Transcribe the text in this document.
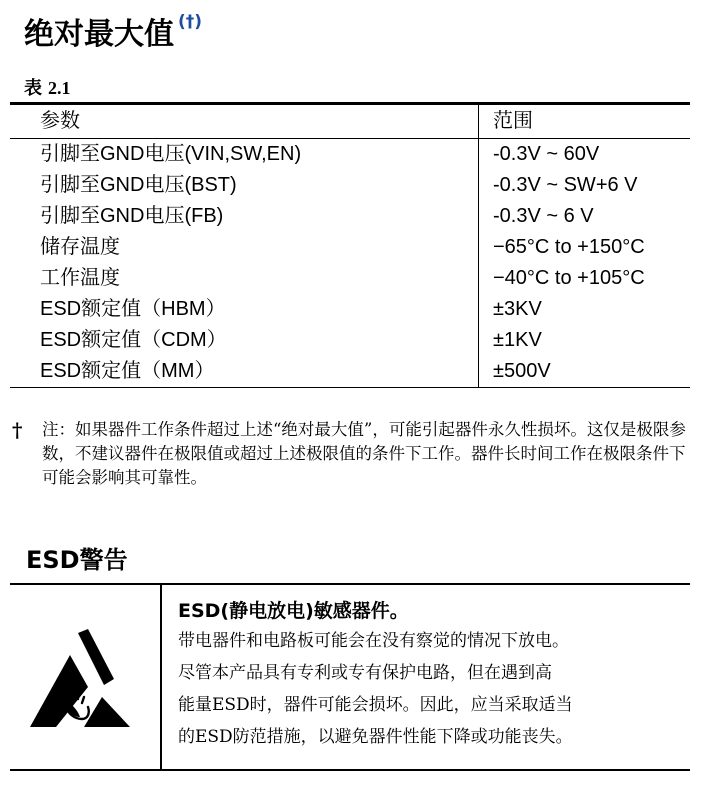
绝对最大值 (†)
表 2.1
参数	范围
引脚至GND电压(VIN,SW,EN)	-0.3V ~ 60V
引脚至GND电压(BST)	-0.3V ~ SW+6 V
引脚至GND电压(FB)	-0.3V ~ 6 V
储存温度	−65°C to +150°C
工作温度	−40°C to +105°C
ESD额定值（HBM）	±3KV
ESD额定值（CDM）	±1KV
ESD额定值（MM）	±500V
† 注：如果器件工作条件超过上述“绝对最大值”，可能引起器件永久性损坏。这仅是极限参数，不建议器件在极限值或超过上述极限值的条件下工作。器件长时间工作在极限条件下可能会影响其可靠性。
ESD警告
ESD(静电放电)敏感器件。
带电器件和电路板可能会在没有察觉的情况下放电。
尽管本产品具有专利或专有保护电路，但在遇到高
能量ESD时，器件可能会损坏。因此，应当采取适当
的ESD防范措施，以避免器件性能下降或功能丧失。
